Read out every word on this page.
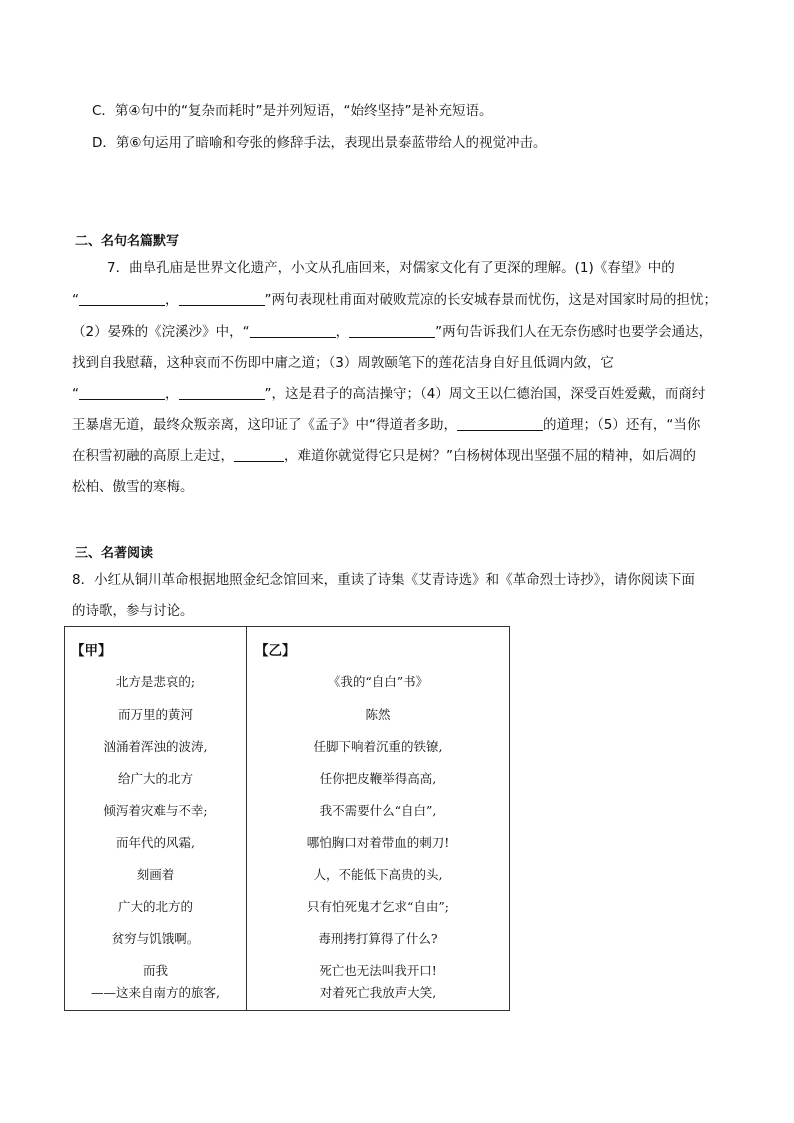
C．第④句中的“复杂而耗时”是并列短语，“始终坚持”是补充短语。
D．第⑥句运用了暗喻和夸张的修辞手法，表现出景泰蓝带给人的视觉冲击。
二、名句名篇默写
7．曲阜孔庙是世界文化遗产，小文从孔庙回来，对儒家文化有了更深的理解。(1)《春望》中的
“	，	”两句表现杜甫面对破败荒凉的长安城春景而忧伤，这是对国家时局的担忧；
（2）晏殊的《浣溪沙》中，“	，	”两句告诉我们人在无奈伤感时也要学会通达，
找到自我慰藉，这种哀而不伤即中庸之道；（3）周敦颐笔下的莲花洁身自好且低调内敛，它
“	，	”，这是君子的高洁操守；（4）周文王以仁德治国，深受百姓爱戴，而商纣
王暴虐无道，最终众叛亲离，这印证了《孟子》中“得道者多助，	的道理；（5）还有，“当你
在积雪初融的高原上走过，	，难道你就觉得它只是树？”白杨树体现出坚强不屈的精神，如后凋的
松柏、傲雪的寒梅。
三、名著阅读
8．小红从铜川革命根据地照金纪念馆回来，重读了诗集《艾青诗选》和《革命烈士诗抄》，请你阅读下面
的诗歌，参与讨论。
【甲】
北方是悲哀的;
而万里的黄河
汹涌着浑浊的波涛,
给广大的北方
倾泻着灾难与不幸;
而年代的风霜,
刻画着
广大的北方的
贫穷与饥饿啊。
而我
——这来自南方的旅客,
【乙】
《我的“自白”书》
陈然
任脚下响着沉重的铁镣,
任你把皮鞭举得高高,
我不需要什么“自白”,
哪怕胸口对着带血的刺刀!
人，不能低下高贵的头,
只有怕死鬼才乞求“自由”;
毒刑拷打算得了什么?
死亡也无法叫我开口!
对着死亡我放声大笑,
